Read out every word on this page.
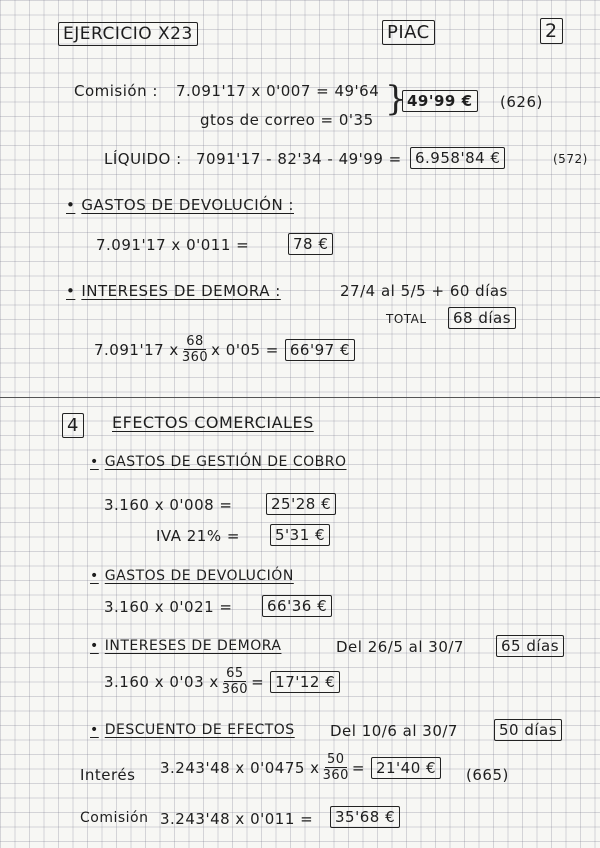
EJERCICIO X23	PIAC	2
Comisión : 7.091'17 x 0'007 = 49'64
gtos de correo = 0'35
} 49'99 €	(626)
LÍQUIDO : 7091'17 - 82'34 - 49'99 = 6.958'84 €	(572)
• GASTOS DE DEVOLUCIÓN :
7.091'17 x 0'011 =	78 €
• INTERESES DE DEMORA :	27/4 al 5/5 + 60 días
TOTAL	68 días
7.091'17 x $\frac{68}{360}$ x 0'05 = 66'97 €
4	EFECTOS COMERCIALES
• GASTOS DE GESTIÓN DE COBRO
3.160 x 0'008 =	25'28 €
IVA 21% =	5'31 €
• GASTOS DE DEVOLUCIÓN
3.160 x 0'021 =	66'36 €
• INTERESES DE DEMORA	Del 26/5 al 30/7	65 días
3.160 x 0'03 x $\frac{65}{360} = 17'12$ €
• DESCUENTO DE EFECTOS Del 10/6 al 30/7	50 días
Interés 3.243'48 x 0'0475 x $\frac{50}{360} = 21'40$ €	(665)
Comisión 3.243'48 x 0'011 =	35'68 €
